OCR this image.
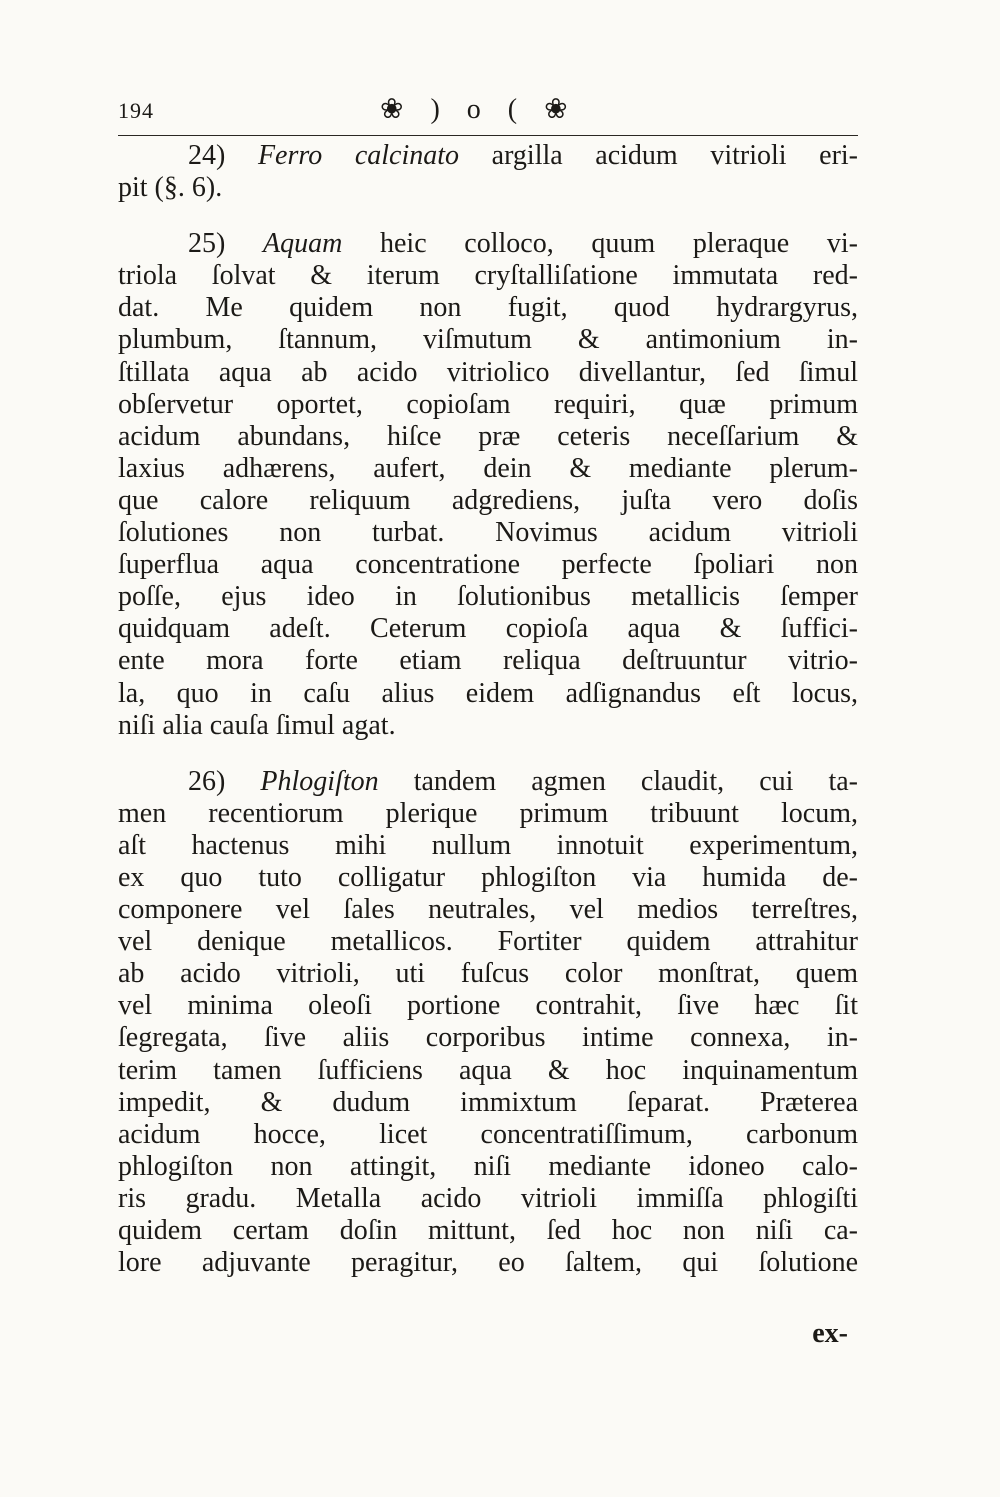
194	❀ ) o ( ❀
24) Ferro calcinato argilla acidum vitrioli eri-
pit (§. 6).
25) Aquam heic colloco, quum pleraque vi-
triola ſolvat & iterum cryſtalliſatione immutata red-
dat. Me quidem non fugit, quod hydrargyrus,
plumbum, ſtannum, viſmutum & antimonium in-
ſtillata aqua ab acido vitriolico divellantur, ſed ſimul
obſervetur oportet, copioſam requiri, quæ primum
acidum abundans, hiſce præ ceteris neceſſarium &
laxius adhærens, aufert, dein & mediante plerum-
que calore reliquum adgrediens, juſta vero doſis
ſolutiones non turbat. Novimus acidum vitrioli
ſuperflua aqua concentratione perfecte ſpoliari non
poſſe, ejus ideo in ſolutionibus metallicis ſemper
quidquam adeſt. Ceterum copioſa aqua & ſuffici-
ente mora forte etiam reliqua deſtruuntur vitrio-
la, quo in caſu alius eidem adſignandus eſt locus,
niſi alia cauſa ſimul agat.
26) Phlogiſton tandem agmen claudit, cui ta-
men recentiorum plerique primum tribuunt locum,
aſt hactenus mihi nullum innotuit experimentum,
ex quo tuto colligatur phlogiſton via humida de-
componere vel ſales neutrales, vel medios terreſtres,
vel denique metallicos. Fortiter quidem attrahitur
ab acido vitrioli, uti fuſcus color monſtrat, quem
vel minima oleoſi portione contrahit, ſive hæc ſit
ſegregata, ſive aliis corporibus intime connexa, in-
terim tamen ſufficiens aqua & hoc inquinamentum
impedit, & dudum immixtum ſeparat. Præterea
acidum hocce, licet concentratiſſimum, carbonum
phlogiſton non attingit, niſi mediante idoneo calo-
ris gradu. Metalla acido vitrioli immiſſa phlogiſti
quidem certam doſin mittunt, ſed hoc non niſi ca-
lore adjuvante peragitur, eo ſaltem, qui ſolutione
ex-
